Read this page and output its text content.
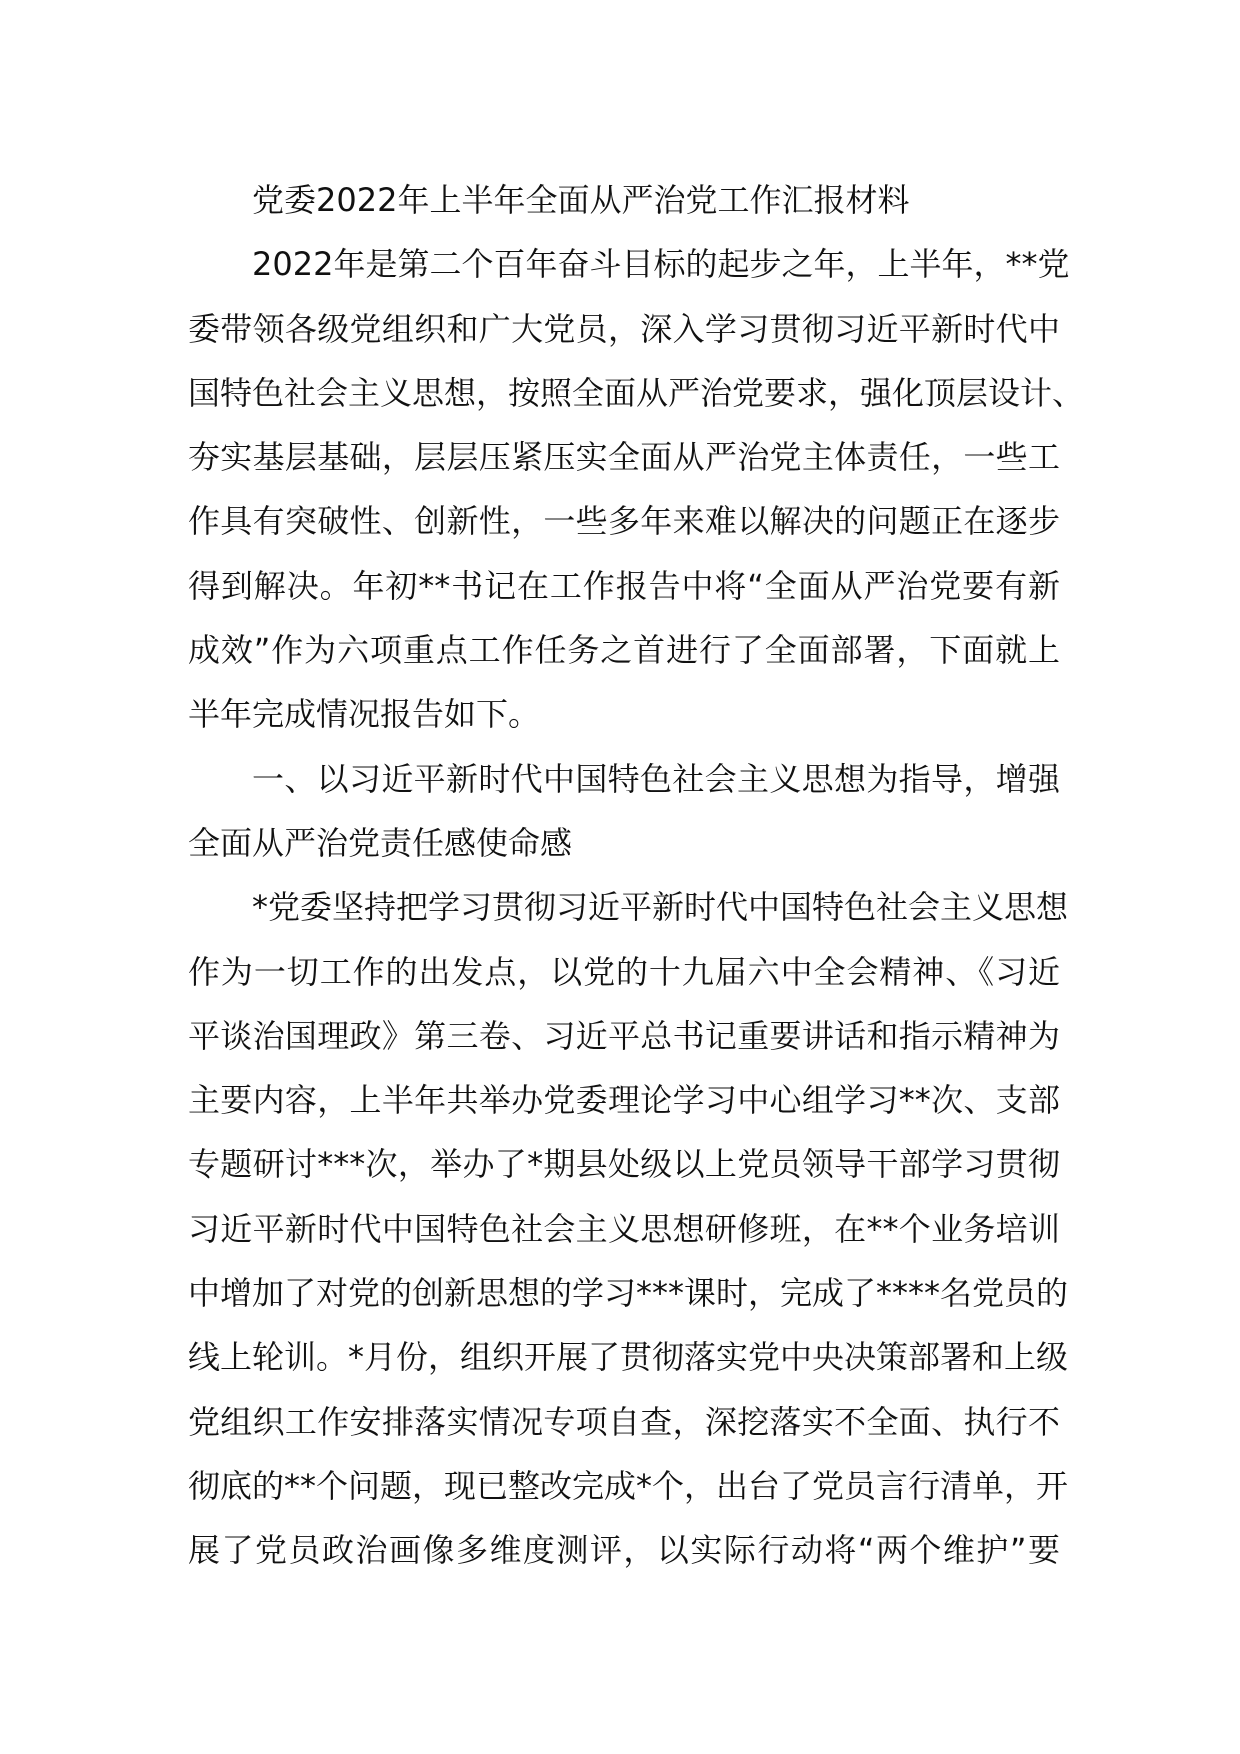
党委2022年上半年全面从严治党工作汇报材料
2022年是第二个百年奋斗目标的起步之年，上半年，**党
委带领各级党组织和广大党员，深入学习贯彻习近平新时代中
国特色社会主义思想，按照全面从严治党要求，强化顶层设计、
夯实基层基础，层层压紧压实全面从严治党主体责任，一些工
作具有突破性、创新性，一些多年来难以解决的问题正在逐步
得到解决。年初**书记在工作报告中将“全面从严治党要有新
成效”作为六项重点工作任务之首进行了全面部署，下面就上
半年完成情况报告如下。
一、以习近平新时代中国特色社会主义思想为指导，增强
全面从严治党责任感使命感
*党委坚持把学习贯彻习近平新时代中国特色社会主义思想
作为一切工作的出发点，以党的十九届六中全会精神、《习近
平谈治国理政》第三卷、习近平总书记重要讲话和指示精神为
主要内容，上半年共举办党委理论学习中心组学习**次、支部
专题研讨***次，举办了*期县处级以上党员领导干部学习贯彻
习近平新时代中国特色社会主义思想研修班，在**个业务培训
中增加了对党的创新思想的学习***课时，完成了****名党员的
线上轮训。*月份，组织开展了贯彻落实党中央决策部署和上级
党组织工作安排落实情况专项自查，深挖落实不全面、执行不
彻底的**个问题，现已整改完成*个，出台了党员言行清单，开
展了党员政治画像多维度测评，以实际行动将“两个维护”要
